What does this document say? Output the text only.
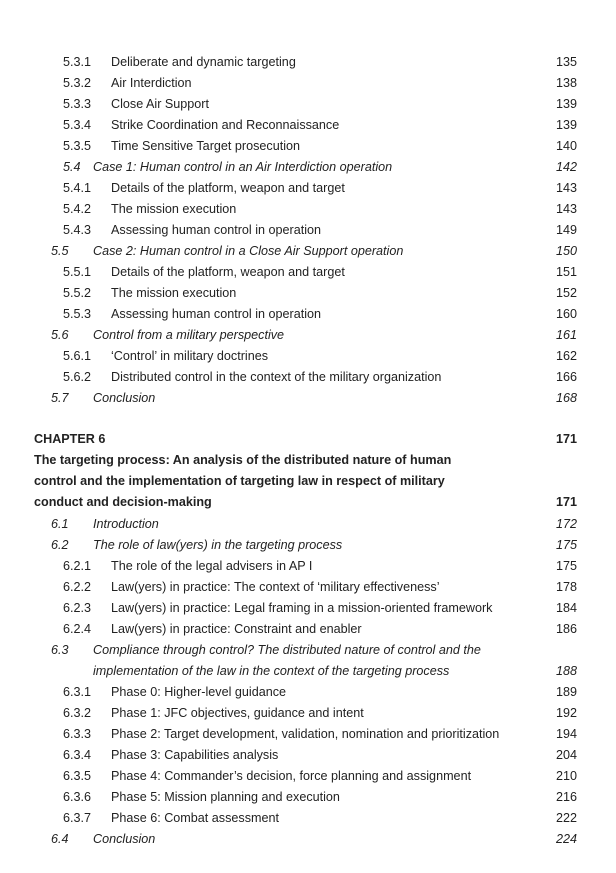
5.3.1 Deliberate and dynamic targeting	135
5.3.2 Air Interdiction	138
5.3.3 Close Air Support	139
5.3.4 Strike Coordination and Reconnaissance	139
5.3.5 Time Sensitive Target prosecution	140
5.4 Case 1: Human control in an Air Interdiction operation	142
5.4.1 Details of the platform, weapon and target	143
5.4.2 The mission execution	143
5.4.3 Assessing human control in operation	149
5.5 Case 2: Human control in a Close Air Support operation	150
5.5.1 Details of the platform, weapon and target	151
5.5.2 The mission execution	152
5.5.3 Assessing human control in operation	160
5.6 Control from a military perspective	161
5.6.1 ‘Control’ in military doctrines	162
5.6.2 Distributed control in the context of the military organization	166
5.7 Conclusion	168
CHAPTER 6	171
The targeting process: An analysis of the distributed nature of human
control and the implementation of targeting law in respect of military
conduct and decision-making	171
6.1 Introduction	172
6.2 The role of law(yers) in the targeting process	175
6.2.1 The role of the legal advisers in AP I	175
6.2.2 Law(yers) in practice: The context of ‘military effectiveness’	178
6.2.3 Law(yers) in practice: Legal framing in a mission-oriented framework	184
6.2.4 Law(yers) in practice: Constraint and enabler	186
6.3 Compliance through control? The distributed nature of control and the
implementation of the law in the context of the targeting process	188
6.3.1 Phase 0: Higher-level guidance	189
6.3.2 Phase 1: JFC objectives, guidance and intent	192
6.3.3 Phase 2: Target development, validation, nomination and prioritization	194
6.3.4 Phase 3: Capabilities analysis	204
6.3.5 Phase 4: Commander’s decision, force planning and assignment	210
6.3.6 Phase 5: Mission planning and execution	216
6.3.7 Phase 6: Combat assessment	222
6.4 Conclusion	224
